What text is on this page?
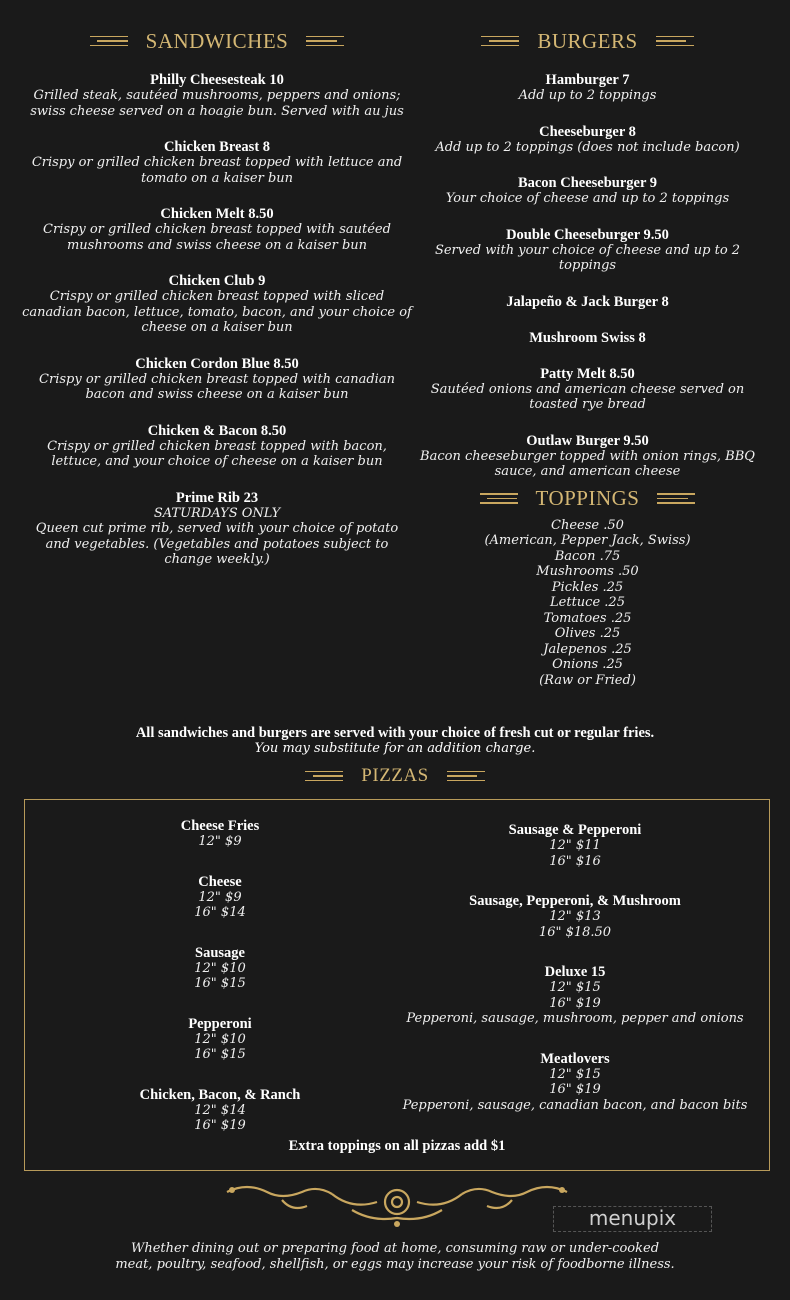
SANDWICHES
Philly Cheesesteak 10
Grilled steak, sautéed mushrooms, peppers and onions; swiss cheese served on a hoagie bun. Served with au jus
Chicken Breast 8
Crispy or grilled chicken breast topped with lettuce and tomato on a kaiser bun
Chicken Melt 8.50
Crispy or grilled chicken breast topped with sautéed mushrooms and swiss cheese on a kaiser bun
Chicken Club 9
Crispy or grilled chicken breast topped with sliced canadian bacon, lettuce, tomato, bacon, and your choice of cheese on a kaiser bun
Chicken Cordon Blue 8.50
Crispy or grilled chicken breast topped with canadian bacon and swiss cheese on a kaiser bun
Chicken & Bacon 8.50
Crispy or grilled chicken breast topped with bacon, lettuce, and your choice of cheese on a kaiser bun
Prime Rib 23
SATURDAYS ONLY
Queen cut prime rib, served with your choice of potato and vegetables. (Vegetables and potatoes subject to change weekly.)
BURGERS
Hamburger 7
Add up to 2 toppings
Cheeseburger 8
Add up to 2 toppings (does not include bacon)
Bacon Cheeseburger 9
Your choice of cheese and up to 2 toppings
Double Cheeseburger 9.50
Served with your choice of cheese and up to 2 toppings
Jalapeño & Jack Burger 8
Mushroom Swiss 8
Patty Melt 8.50
Sautéed onions and american cheese served on toasted rye bread
Outlaw Burger 9.50
Bacon cheeseburger topped with onion rings, BBQ sauce, and american cheese
TOPPINGS
Cheese .50
(American, Pepper Jack, Swiss)
Bacon .75
Mushrooms .50
Pickles .25
Lettuce .25
Tomatoes .25
Olives .25
Jalepenos .25
Onions .25
(Raw or Fried)
All sandwiches and burgers are served with your choice of fresh cut or regular fries.
You may substitute for an addition charge.
PIZZAS
Cheese Fries
12" $9
Cheese
12" $9
16" $14
Sausage
12" $10
16" $15
Pepperoni
12" $10
16" $15
Chicken, Bacon, & Ranch
12" $14
16" $19
Sausage & Pepperoni
12" $11
16" $16
Sausage, Pepperoni, & Mushroom
12" $13
16" $18.50
Deluxe 15
12" $15
16" $19
Pepperoni, sausage, mushroom, pepper and onions
Meatlovers
12" $15
16" $19
Pepperoni, sausage, canadian bacon, and bacon bits
Extra toppings on all pizzas add $1
menupix
Whether dining out or preparing food at home, consuming raw or under-cooked
meat, poultry, seafood, shellfish, or eggs may increase your risk of foodborne illness.
